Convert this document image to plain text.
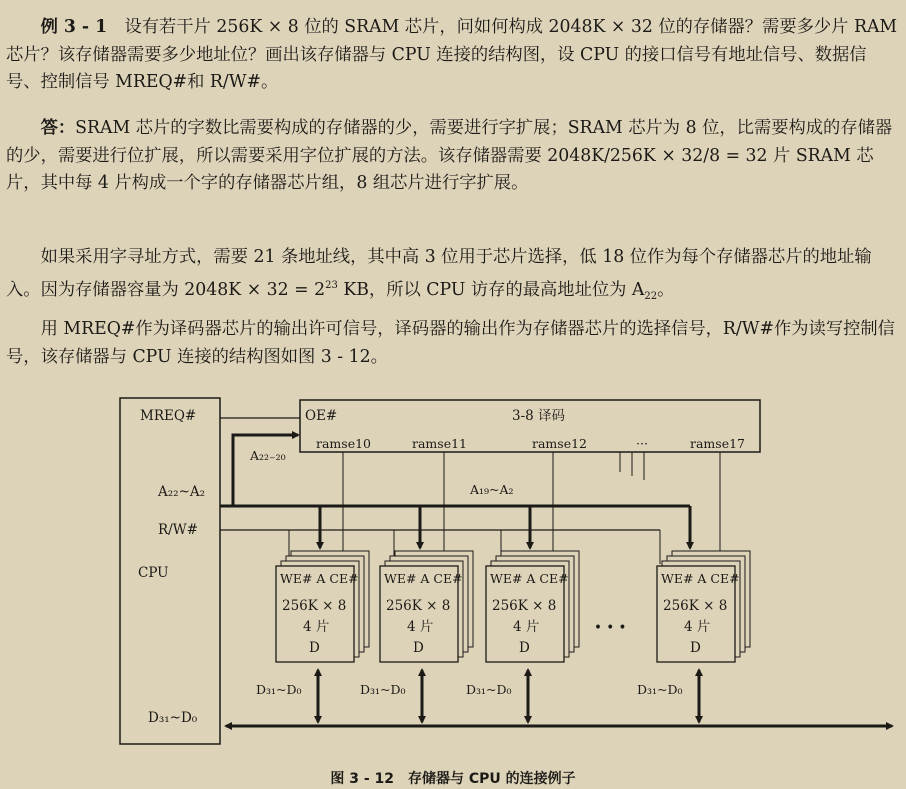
例 3 - 1　 设有若干片 256K × 8 位的 SRAM 芯片，问如何构成 2048K × 32 位的存储器？需要多少片 RAM 芯片？该存储器需要多少地址位？画出该存储器与 CPU 连接的结构图，设 CPU 的接口信号有地址信号、数据信号、控制信号 MREQ#和 R/W#。

答：SRAM 芯片的字数比需要构成的存储器的少，需要进行字扩展；SRAM 芯片为 8 位，比需要构成的存储器的少，需要进行位扩展，所以需要采用字位扩展的方法。该存储器需要 2048K/256K × 32/8 = 32 片 SRAM 芯片，其中每 4 片构成一个字的存储器芯片组，8 组芯片进行字扩展。

如果采用字寻址方式，需要 21 条地址线，其中高 3 位用于芯片选择，低 18 位作为每个存储器芯片的地址输入。因为存储器容量为 $2048K \times 32 = 2^{23}$ KB，所以 CPU 访存的最高地址位为 $A_{22}$。

用 MREQ#作为译码器芯片的输出许可信号，译码器的输出作为存储器芯片的选择信号，R/W#作为读写控制信号，该存储器与 CPU 连接的结构图如图 3 - 12。

MREQ#
A₂₂~A₂
R/W#
CPU
D₃₁~D₀
OE#	3-8 译码
ramse10	ramse11	ramse12	···	ramse17
A₂₂₋₂₀
A₁₉~A₂
WE# A CE#
256K × 8
4 片
D
WE# A CE#
256K × 8
4 片
D
WE# A CE#
256K × 8
4 片
D
WE# A CE#
256K × 8
4 片
D
• • •
D₃₁~D₀	D₃₁~D₀	D₃₁~D₀	D₃₁~D₀
图 3 - 12　存储器与 CPU 的连接例子
